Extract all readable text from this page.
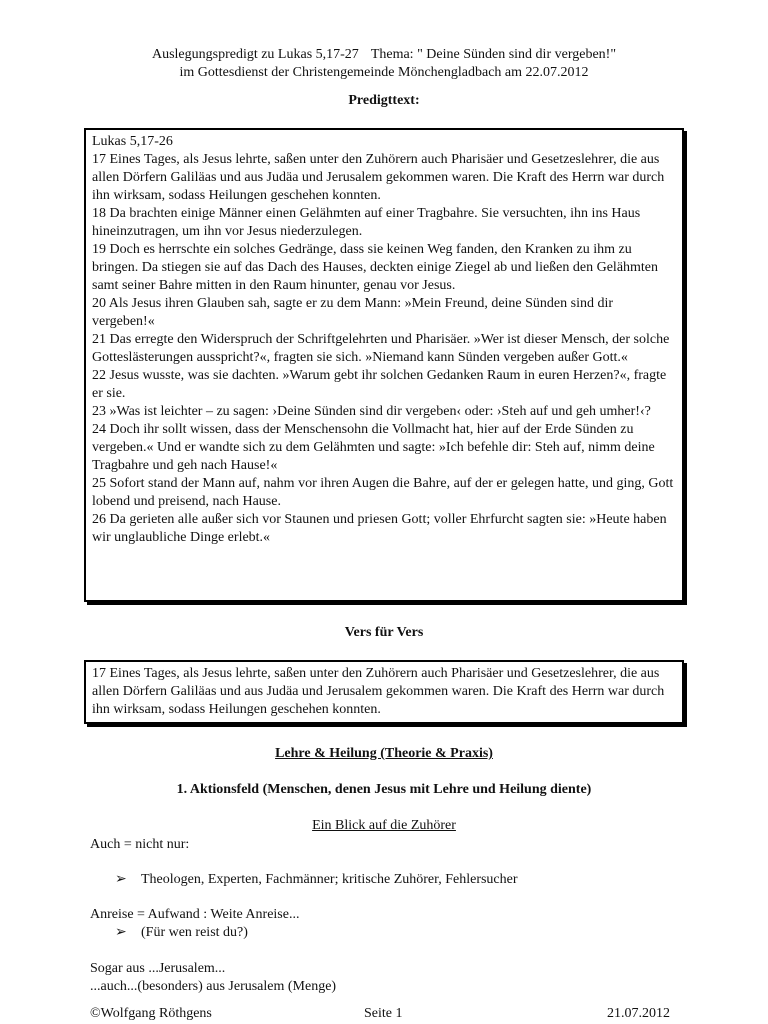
Auslegungspredigt zu Lukas 5,17-27 Thema: " Deine Sünden sind dir vergeben!"
im Gottesdienst der Christengemeinde Mönchengladbach am 22.07.2012
Predigttext:

Lukas 5,17-26

17 Eines Tages, als Jesus lehrte, saßen unter den Zuhörern auch Pharisäer und Gesetzeslehrer, die aus allen Dörfern Galiläas und aus Judäa und Jerusalem gekommen waren. Die Kraft des Herrn war durch ihn wirksam, sodass Heilungen geschehen konnten.

18 Da brachten einige Männer einen Gelähmten auf einer Tragbahre. Sie versuchten, ihn ins Haus hineinzutragen, um ihn vor Jesus niederzulegen.

19 Doch es herrschte ein solches Gedränge, dass sie keinen Weg fanden, den Kranken zu ihm zu bringen. Da stiegen sie auf das Dach des Hauses, deckten einige Ziegel ab und ließen den Gelähmten samt seiner Bahre mitten in den Raum hinunter, genau vor Jesus.

20 Als Jesus ihren Glauben sah, sagte er zu dem Mann: »Mein Freund, deine Sünden sind dir vergeben!«

21 Das erregte den Widerspruch der Schriftgelehrten und Pharisäer. »Wer ist dieser Mensch, der solche Gotteslästerungen ausspricht?«, fragten sie sich. »Niemand kann Sünden vergeben außer Gott.«

22 Jesus wusste, was sie dachten. »Warum gebt ihr solchen Gedanken Raum in euren Herzen?«, fragte er sie.

23 »Was ist leichter – zu sagen: ›Deine Sünden sind dir vergeben‹ oder: ›Steh auf und geh umher!‹?

24 Doch ihr sollt wissen, dass der Menschensohn die Vollmacht hat, hier auf der Erde Sünden zu vergeben.« Und er wandte sich zu dem Gelähmten und sagte: »Ich befehle dir: Steh auf, nimm deine Tragbahre und geh nach Hause!«

25 Sofort stand der Mann auf, nahm vor ihren Augen die Bahre, auf der er gelegen hatte, und ging, Gott lobend und preisend, nach Hause.

26 Da gerieten alle außer sich vor Staunen und priesen Gott; voller Ehrfurcht sagten sie: »Heute haben wir unglaubliche Dinge erlebt.«

Vers für Vers

17 Eines Tages, als Jesus lehrte, saßen unter den Zuhörern auch Pharisäer und Gesetzeslehrer, die aus allen Dörfern Galiläas und aus Judäa und Jerusalem gekommen waren. Die Kraft des Herrn war durch ihn wirksam, sodass Heilungen geschehen konnten.

Lehre & Heilung (Theorie & Praxis)
1. Aktionsfeld (Menschen, denen Jesus mit Lehre und Heilung diente)
Ein Blick auf die Zuhörer
Auch = nicht nur:
➢ Theologen, Experten, Fachmänner; kritische Zuhörer, Fehlersucher
Anreise = Aufwand : Weite Anreise...
➢ (Für wen reist du?)
Sogar aus ...Jerusalem...
...auch...(besonders) aus Jerusalem (Menge)
©Wolfgang Röthgens	Seite 1	21.07.2012
